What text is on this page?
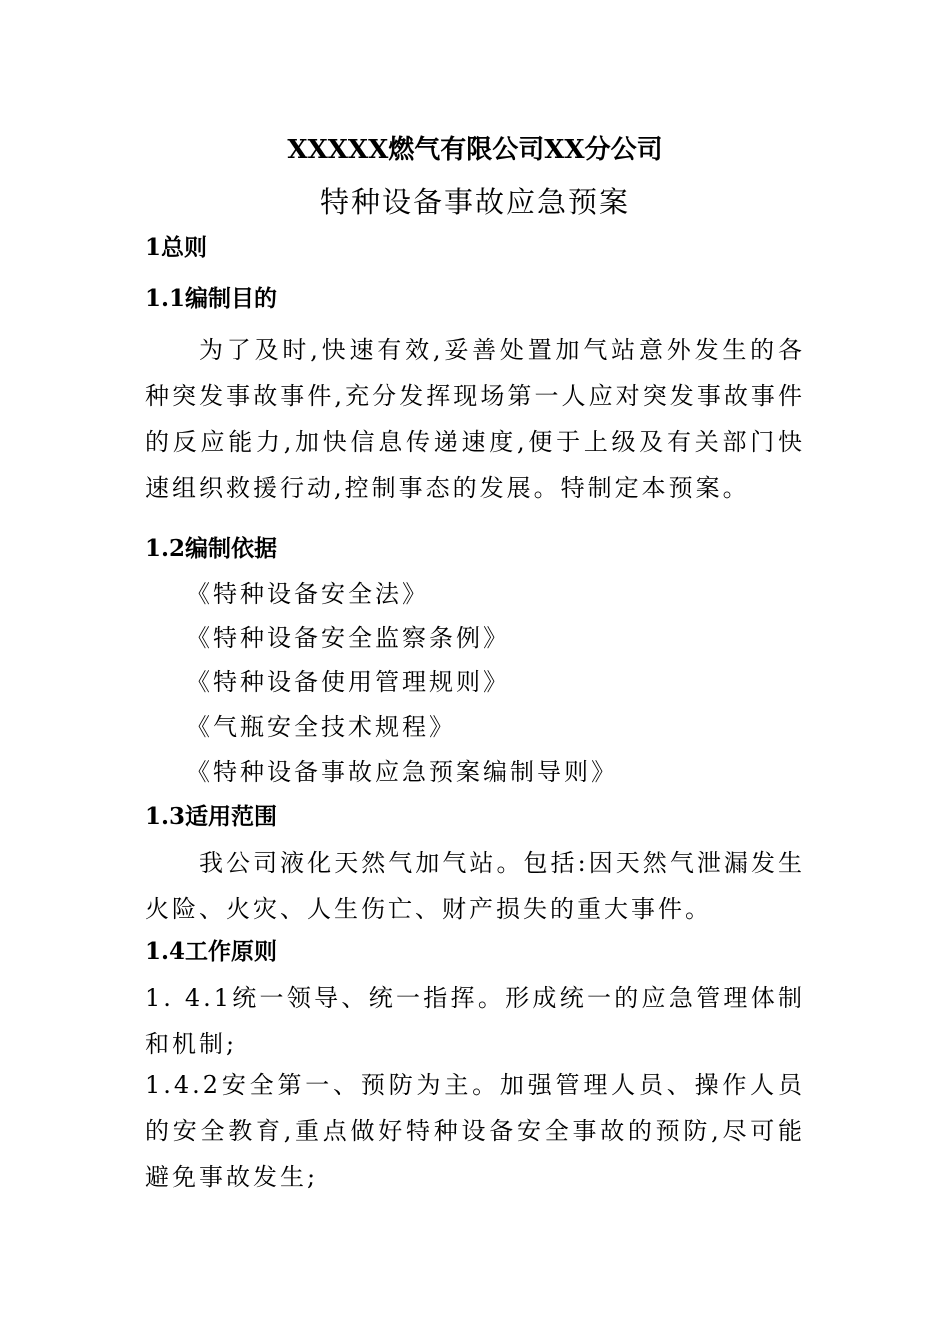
XXXXX燃气有限公司XX分公司
特种设备事故应急预案
1总则
1.1编制目的
为了及时,快速有效,妥善处置加气站意外发生的各种突发事故事件,充分发挥现场第一人应对突发事故事件的反应能力,加快信息传递速度,便于上级及有关部门快速组织救援行动,控制事态的发展。特制定本预案。
1.2编制依据
《特种设备安全法》
《特种设备安全监察条例》
《特种设备使用管理规则》
《气瓶安全技术规程》
《特种设备事故应急预案编制导则》
1.3适用范围
我公司液化天然气加气站。包括:因天然气泄漏发生火险、火灾、人生伤亡、财产损失的重大事件。
1.4工作原则
1. 4.1统一领导、统一指挥。形成统一的应急管理体制和机制;
1.4.2安全第一、预防为主。加强管理人员、操作人员的安全教育,重点做好特种设备安全事故的预防,尽可能避免事故发生;
